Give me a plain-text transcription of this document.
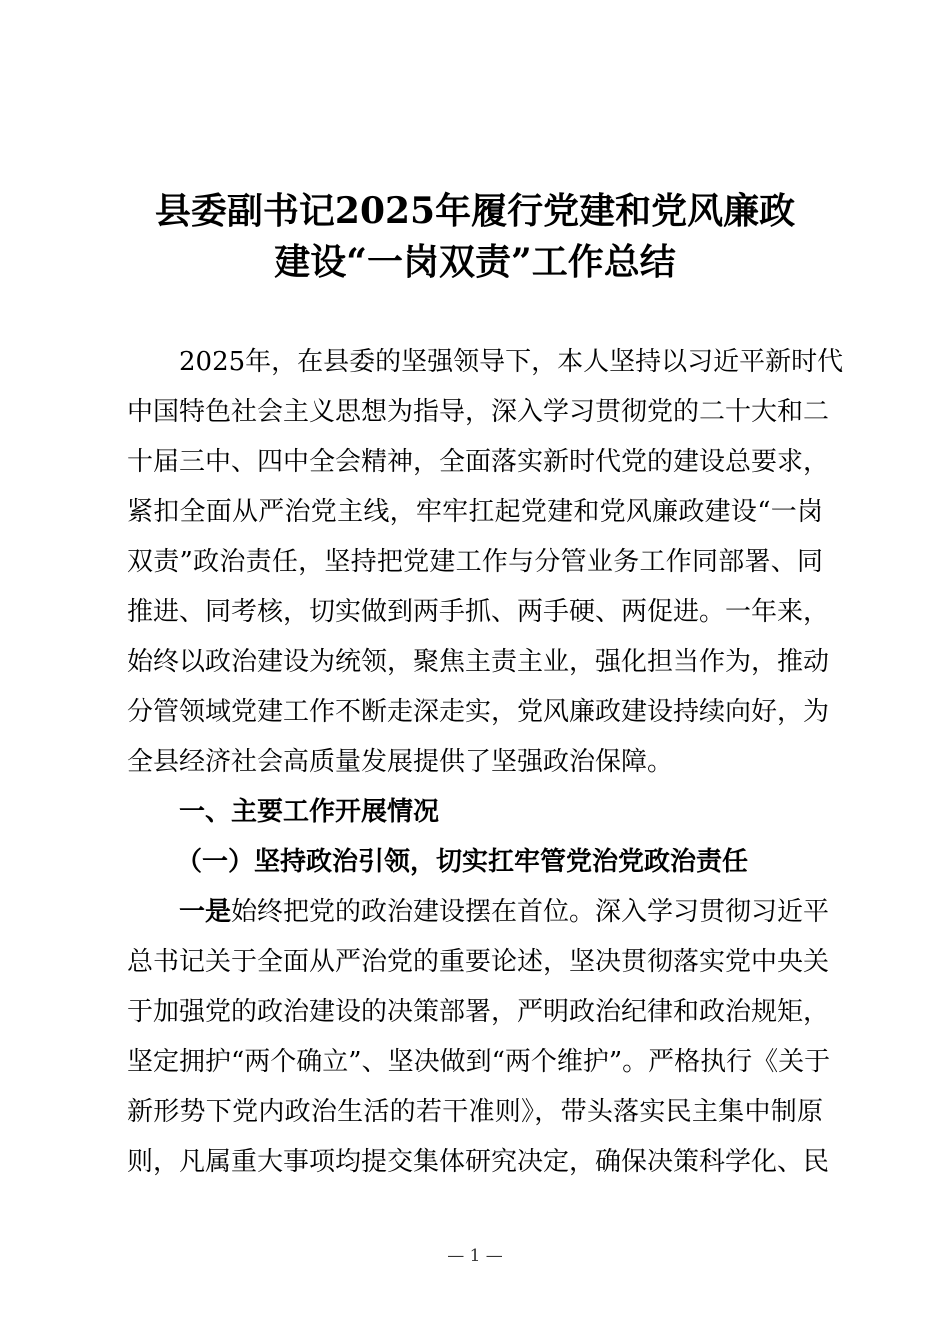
县委副书记2025年履行党建和党风廉政
建设“一岗双责”工作总结
2025年，在县委的坚强领导下，本人坚持以习近平新时代
中国特色社会主义思想为指导，深入学习贯彻党的二十大和二
十届三中、四中全会精神，全面落实新时代党的建设总要求，
紧扣全面从严治党主线，牢牢扛起党建和党风廉政建设“一岗
双责”政治责任，坚持把党建工作与分管业务工作同部署、同
推进、同考核，切实做到两手抓、两手硬、两促进。一年来，
始终以政治建设为统领，聚焦主责主业，强化担当作为，推动
分管领域党建工作不断走深走实，党风廉政建设持续向好，为
全县经济社会高质量发展提供了坚强政治保障。
一、主要工作开展情况
（一）坚持政治引领，切实扛牢管党治党政治责任
一是始终把党的政治建设摆在首位。深入学习贯彻习近平
总书记关于全面从严治党的重要论述，坚决贯彻落实党中央关
于加强党的政治建设的决策部署，严明政治纪律和政治规矩，
坚定拥护“两个确立”、坚决做到“两个维护”。严格执行《关于
新形势下党内政治生活的若干准则》，带头落实民主集中制原
则，凡属重大事项均提交集体研究决定，确保决策科学化、民
— 1 —
